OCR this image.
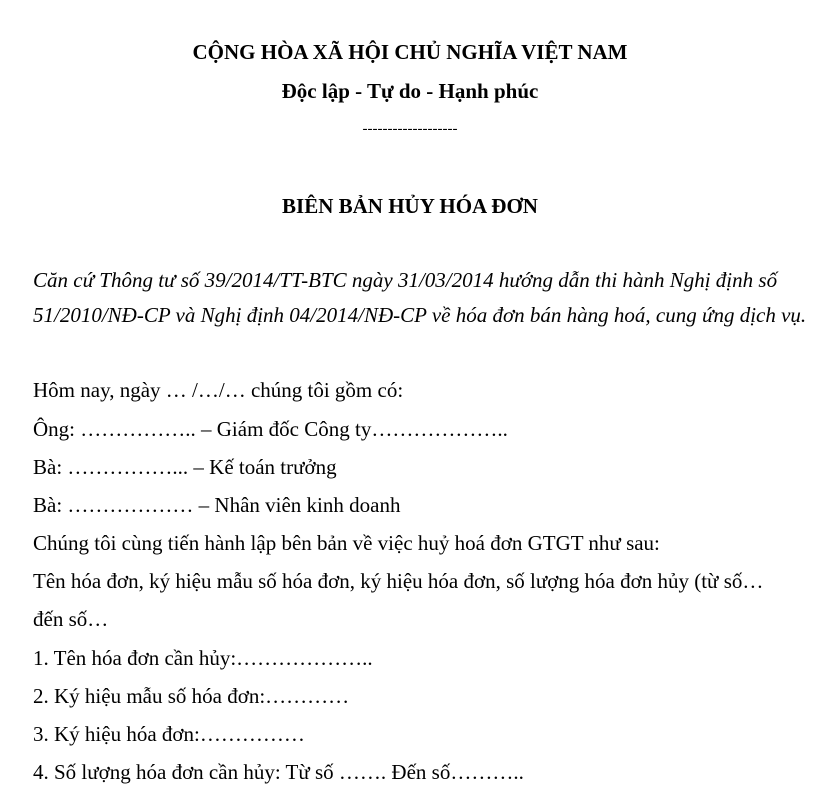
CỘNG HÒA XÃ HỘI CHỦ NGHĨA VIỆT NAM
Độc lập - Tự do - Hạnh phúc
-------------------
BIÊN BẢN HỦY HÓA ĐƠN
Căn cứ Thông tư số 39/2014/TT-BTC ngày 31/03/2014 hướng dẫn thi hành Nghị định số
51/2010/NĐ-CP và Nghị định 04/2014/NĐ-CP về hóa đơn bán hàng hoá, cung ứng dịch vụ.
Hôm nay, ngày … /…/… chúng tôi gồm có:
Ông: …………….. – Giám đốc Công ty………………..
Bà: ……………... – Kế toán trưởng
Bà: ……………… – Nhân viên kinh doanh
Chúng tôi cùng tiến hành lập bên bản về việc huỷ hoá đơn GTGT như sau:
Tên hóa đơn, ký hiệu mẫu số hóa đơn, ký hiệu hóa đơn, số lượng hóa đơn hủy (từ số…
đến số…
1. Tên hóa đơn cần hủy:………………..
2. Ký hiệu mẫu số hóa đơn:…………
3. Ký hiệu hóa đơn:……………
4. Số lượng hóa đơn cần hủy: Từ số ……. Đến số………..
